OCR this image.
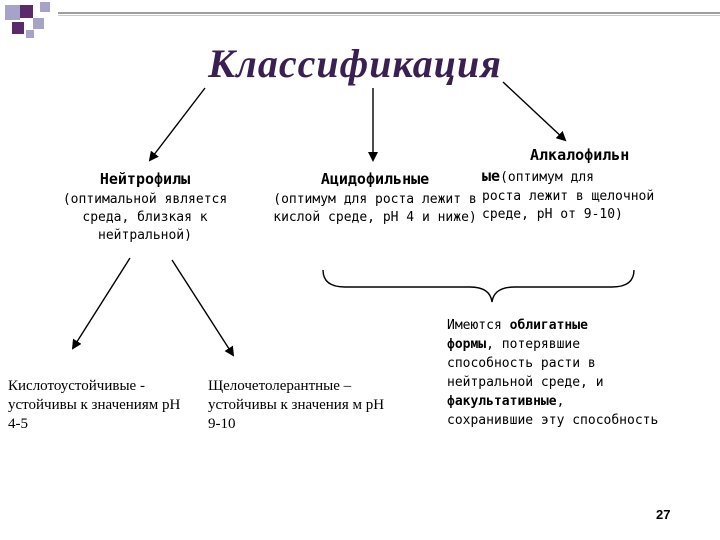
Классификация
Нейтрофилы
(оптимальной является среда, близкая к нейтральной)
Ацидофильные
(оптимум для роста лежит в кислой среде, рН 4 и ниже)
Алкалофильн
ые(оптимум для
роста лежит в щелочной среде, рН от 9-10)
Имеются облигатные
формы, потерявшие
способность расти в
нейтральной среде, и
факультативные,
сохранившие эту способность
Кислотоустойчивые -
устойчивы к значениям рН
4-5
Щелочетолерантные –
устойчивы к значения м рН
9-10
27
